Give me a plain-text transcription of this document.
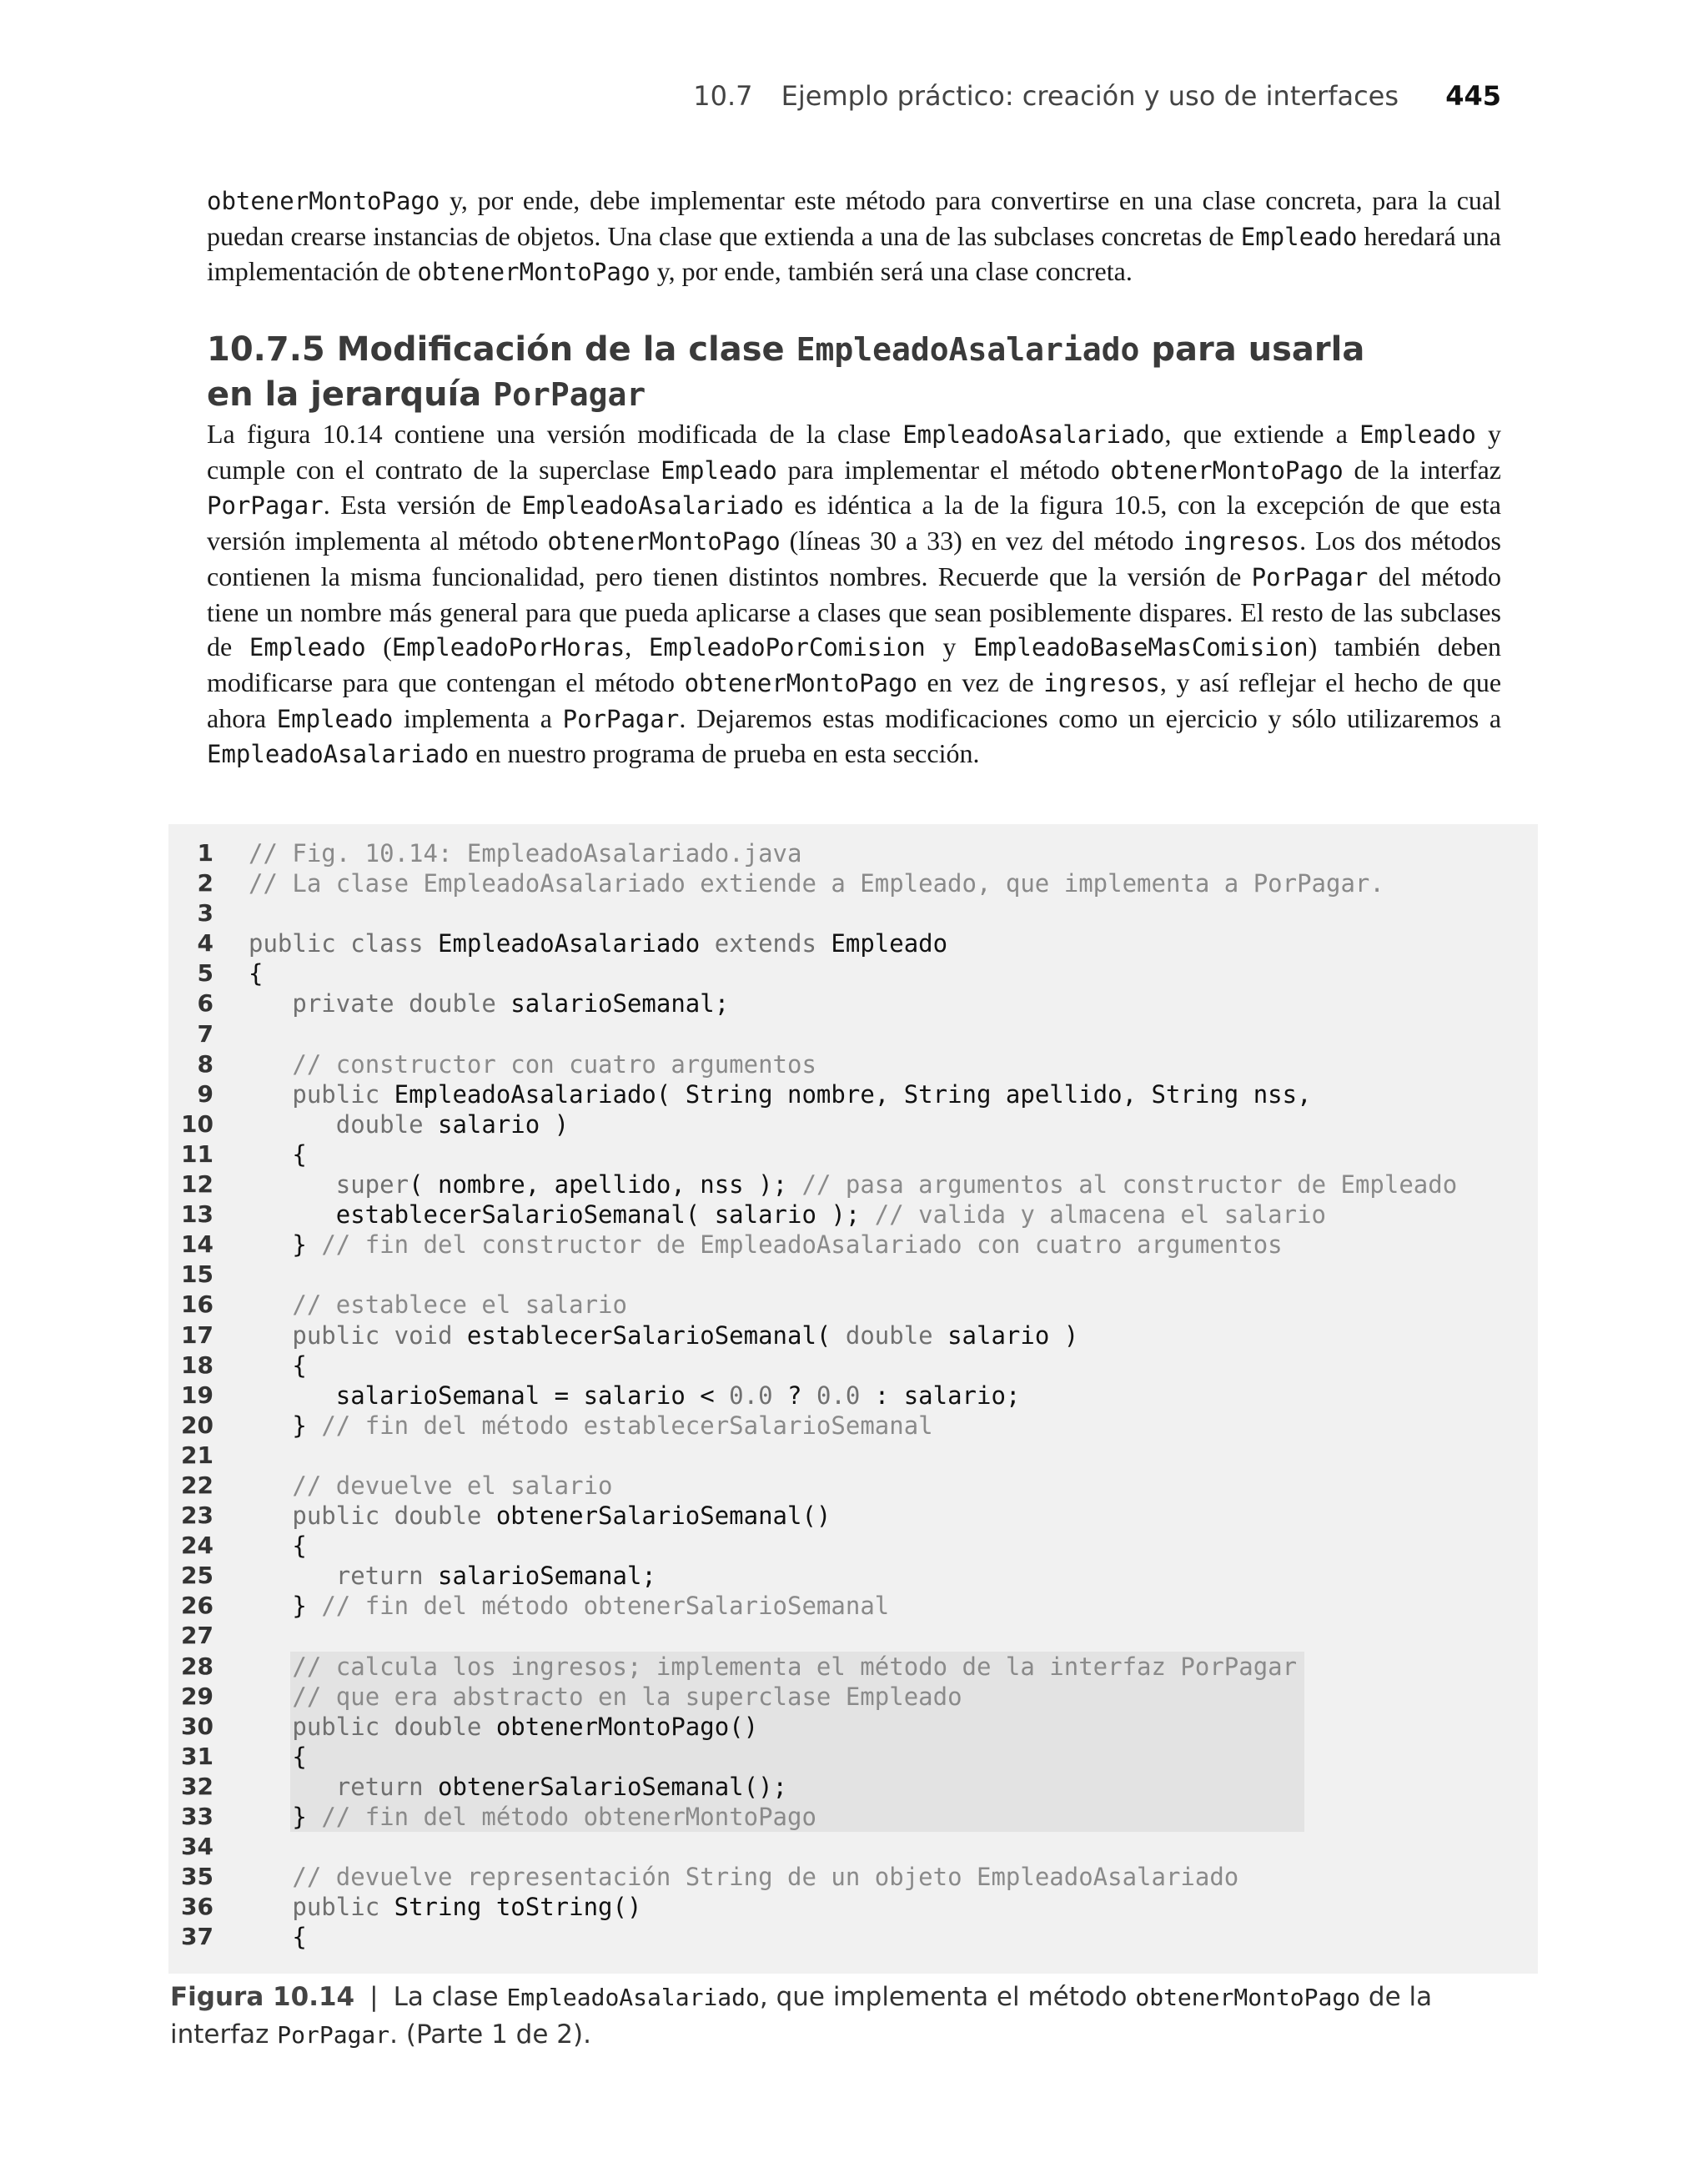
10.7 Ejemplo práctico: creación y uso de interfaces 445
obtenerMontoPago y, por ende, debe implementar este método para convertirse en una clase concreta, para la cual puedan crearse instancias de objetos. Una clase que extienda a una de las subclases concretas de Empleado heredará una implementación de obtenerMontoPago y, por ende, también será una clase concreta.
10.7.5 Modificación de la clase EmpleadoAsalariado para usarla
en la jerarquía PorPagar
La figura 10.14 contiene una versión modificada de la clase EmpleadoAsalariado, que extiende a Empleado y cumple con el contrato de la superclase Empleado para implementar el método obtenerMontoPago de la interfaz PorPagar. Esta versión de EmpleadoAsalariado es idéntica a la de la figura 10.5, con la excepción de que esta versión implementa al método obtenerMontoPago (líneas 30 a 33) en vez del método ingresos. Los dos métodos contienen la misma funcionalidad, pero tienen distintos nombres. Recuerde que la versión de PorPagar del método tiene un nombre más general para que pueda aplicarse a clases que sean posiblemente dispares. El resto de las subclases de Empleado (EmpleadoPorHoras, EmpleadoPorComision y EmpleadoBaseMasComision) también deben modificarse para que contengan el método obtenerMontoPago en vez de ingresos, y así reflejar el hecho de que ahora Empleado implementa a PorPagar. Dejaremos estas modificaciones como un ejercicio y sólo utilizaremos a EmpleadoAsalariado en nuestro programa de prueba en esta sección.
1 // Fig. 10.14: EmpleadoAsalariado.java
2 // La clase EmpleadoAsalariado extiende a Empleado, que implementa a PorPagar.
3
4 public class EmpleadoAsalariado extends Empleado
5 {
6	private double salarioSemanal;
7
8	// constructor con cuatro argumentos
9	public EmpleadoAsalariado( String nombre, String apellido, String nss,
10	double salario )
11 {
12	super( nombre, apellido, nss ); // pasa argumentos al constructor de Empleado
13 establecerSalarioSemanal( salario ); // valida y almacena el salario
14 } // fin del constructor de EmpleadoAsalariado con cuatro argumentos
15
16	// establece el salario
17	public void establecerSalarioSemanal( double salario )
18 {
19 salarioSemanal = salario < 0.0 ? 0.0 : salario;
20 } // fin del método establecerSalarioSemanal
21
22	// devuelve el salario
23	public double obtenerSalarioSemanal()
24 {
25	return salarioSemanal;
26 } // fin del método obtenerSalarioSemanal
27
28	// calcula los ingresos; implementa el método de la interfaz PorPagar
29	// que era abstracto en la superclase Empleado
30	public double obtenerMontoPago()
31 {
32	return obtenerSalarioSemanal();
33 } // fin del método obtenerMontoPago
34
35	// devuelve representación String de un objeto EmpleadoAsalariado
36	public String toString()
37 {
Figura 10.14 | La clase EmpleadoAsalariado, que implementa el método obtenerMontoPago de la interfaz PorPagar. (Parte 1 de 2).
